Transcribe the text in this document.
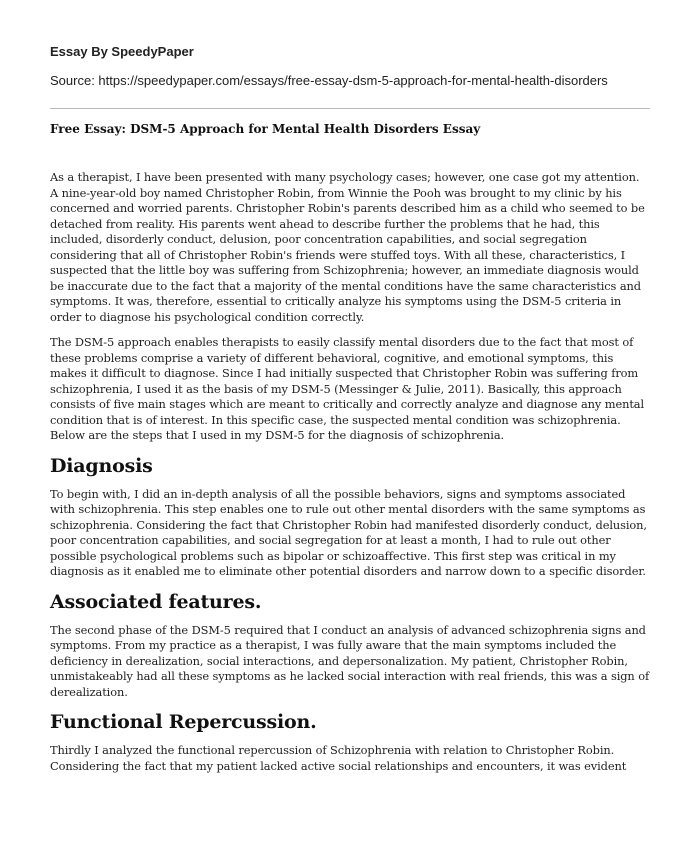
Essay By SpeedyPaper
Source: https://speedypaper.com/essays/free-essay-dsm-5-approach-for-mental-health-disorders
Free Essay: DSM-5 Approach for Mental Health Disorders Essay

As a therapist, I have been presented with many psychology cases; however, one case got my attention. A nine-year-old boy named Christopher Robin, from Winnie the Pooh was brought to my clinic by his concerned and worried parents. Christopher Robin's parents described him as a child who seemed to be detached from reality. His parents went ahead to describe further the problems that he had, this included, disorderly conduct, delusion, poor concentration capabilities, and social segregation considering that all of Christopher Robin's friends were stuffed toys. With all these, characteristics, I suspected that the little boy was suffering from Schizophrenia; however, an immediate diagnosis would be inaccurate due to the fact that a majority of the mental conditions have the same characteristics and symptoms. It was, therefore, essential to critically analyze his symptoms using the DSM-5 criteria in order to diagnose his psychological condition correctly.

The DSM-5 approach enables therapists to easily classify mental disorders due to the fact that most of these problems comprise a variety of different behavioral, cognitive, and emotional symptoms, this makes it difficult to diagnose. Since I had initially suspected that Christopher Robin was suffering from schizophrenia, I used it as the basis of my DSM-5 (Messinger & Julie, 2011). Basically, this approach consists of five main stages which are meant to critically and correctly analyze and diagnose any mental condition that is of interest. In this specific case, the suspected mental condition was schizophrenia. Below are the steps that I used in my DSM-5 for the diagnosis of schizophrenia.

Diagnosis

To begin with, I did an in-depth analysis of all the possible behaviors, signs and symptoms associated with schizophrenia. This step enables one to rule out other mental disorders with the same symptoms as schizophrenia. Considering the fact that Christopher Robin had manifested disorderly conduct, delusion, poor concentration capabilities, and social segregation for at least a month, I had to rule out other possible psychological problems such as bipolar or schizoaffective. This first step was critical in my diagnosis as it enabled me to eliminate other potential disorders and narrow down to a specific disorder.

Associated features.

The second phase of the DSM-5 required that I conduct an analysis of advanced schizophrenia signs and symptoms. From my practice as a therapist, I was fully aware that the main symptoms included the deficiency in derealization, social interactions, and depersonalization. My patient, Christopher Robin, unmistakeably had all these symptoms as he lacked social interaction with real friends, this was a sign of derealization.

Functional Repercussion.

Thirdly I analyzed the functional repercussion of Schizophrenia with relation to Christopher Robin. Considering the fact that my patient lacked active social relationships and encounters, it was evident
